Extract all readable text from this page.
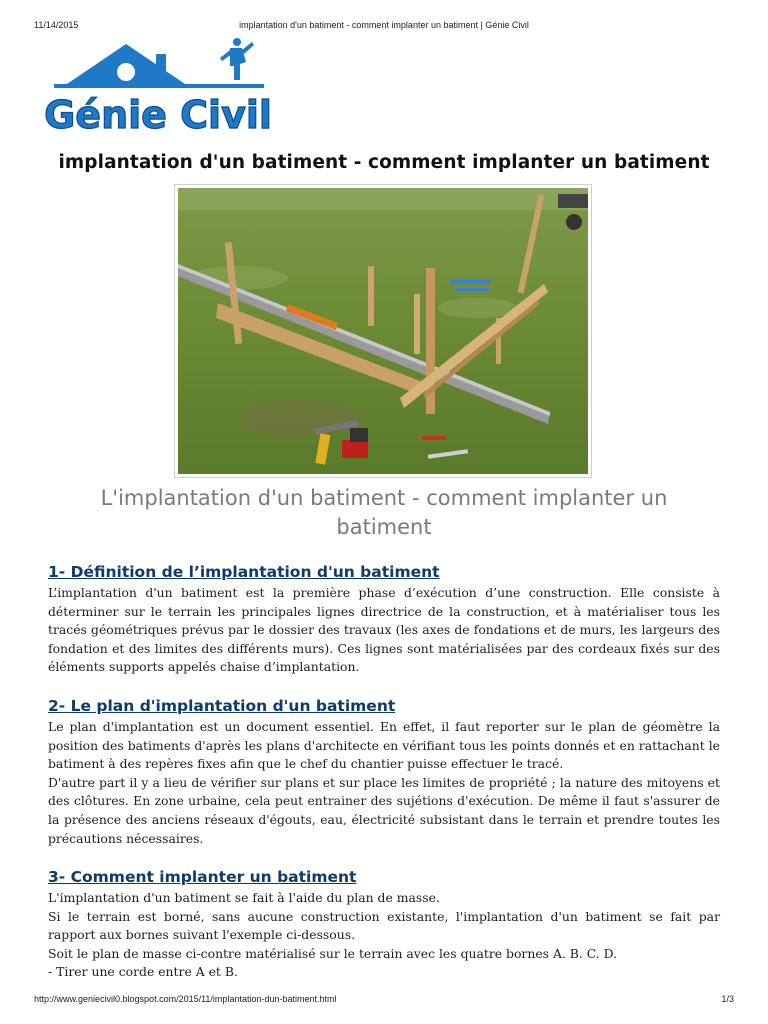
11/14/2015	implantation d'un batiment - comment implanter un batiment | Génie Civil
Génie Civil
implantation d'un batiment - comment implanter un batiment
L'implantation d'un batiment - comment implanter un batiment
1- Définition de l’implantation d'un batiment

L’implantation d'un batiment est la première phase d’exécution d’une construction. Elle consiste à déterminer sur le terrain les principales lignes directrice de la construction, et à matérialiser tous les tracés géométriques prévus par le dossier des travaux (les axes de fondations et de murs, les largeurs des fondation et des limites des différents murs). Ces lignes sont matérialisées par des cordeaux fixés sur des éléments supports appelés chaise d’implantation.

2- Le plan d'implantation d'un batiment

Le plan d'implantation est un document essentiel. En effet, il faut reporter sur le plan de géomètre la position des batiments d'après les plans d'architecte en vérifiant tous les points donnés et en rattachant le batiment à des repères fixes afin que le chef du chantier puisse effectuer le tracé.

D'autre part il y a lieu de vérifier sur plans et sur place les limites de propriété ; la nature des mitoyens et des clôtures. En zone urbaine, cela peut entrainer des sujétions d'exécution. De même il faut s'assurer de la présence des anciens réseaux d'égouts, eau, électricité subsistant dans le terrain et prendre toutes les précautions nécessaires.

3- Comment implanter un batiment

L'implantation d'un batiment se fait à l'aide du plan de masse.

Si le terrain est borné, sans aucune construction existante, l'implantation d'un batiment se fait par rapport aux bornes suivant l'exemple ci-dessous.

Soit le plan de masse ci-contre matérialisé sur le terrain avec les quatre bornes A. B. C. D.

- Tirer une corde entre A et B.

http://www.geniecivil0.blogspot.com/2015/11/implantation-dun-batiment.html	1/3
